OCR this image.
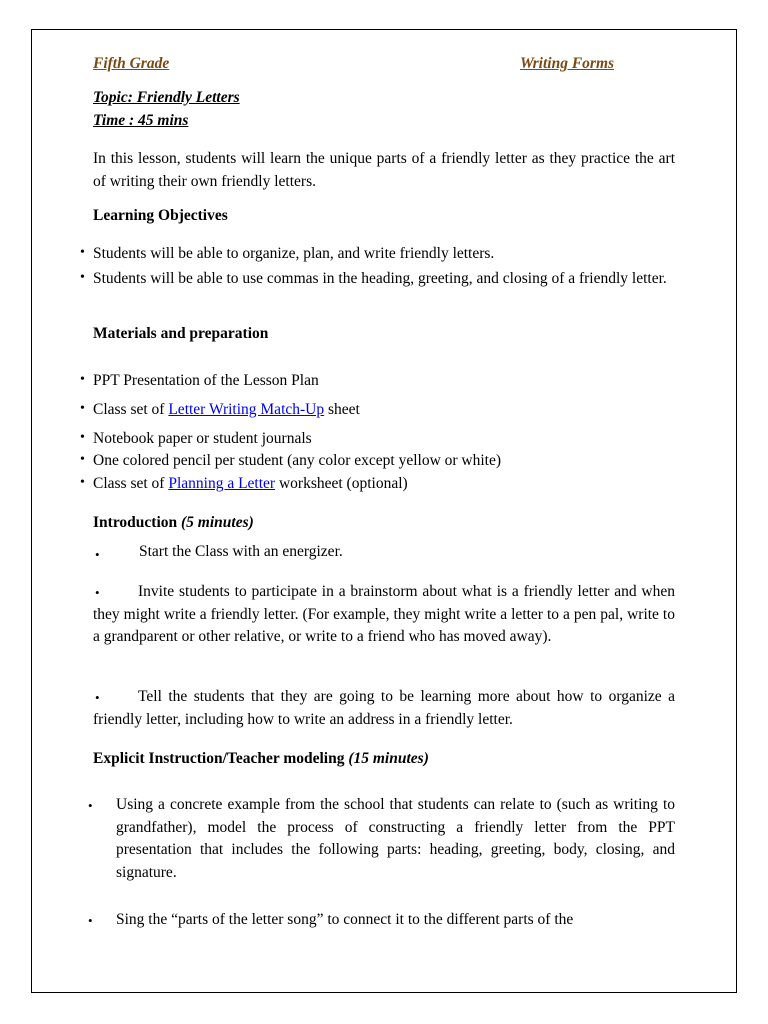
Fifth Grade	Writing Forms
Topic: Friendly Letters
Time : 45 mins
In this lesson, students will learn the unique parts of a friendly letter as they practice the art of writing their own friendly letters.
Learning Objectives
• Students will be able to organize, plan, and write friendly letters.
• Students will be able to use commas in the heading, greeting, and closing of a friendly letter.
Materials and preparation
• PPT Presentation of the Lesson Plan
• Class set of Letter Writing Match-Up sheet
• Notebook paper or student journals
• One colored pencil per student (any color except yellow or white)
• Class set of Planning a Letter worksheet (optional)
Introduction (5 minutes)
•	Start the Class with an energizer.
•	Invite students to participate in a brainstorm about what is a friendly letter and when they might write a friendly letter. (For example, they might write a letter to a pen pal, write to a grandparent or other relative, or write to a friend who has moved away).
•	Tell the students that they are going to be learning more about how to organize a friendly letter, including how to write an address in a friendly letter.
Explicit Instruction/Teacher modeling (15 minutes)
• Using a concrete example from the school that students can relate to (such as writing to grandfather), model the process of constructing a friendly letter from the PPT presentation that includes the following parts: heading, greeting, body, closing, and signature.
• Sing the “parts of the letter song” to connect it to the different parts of the
